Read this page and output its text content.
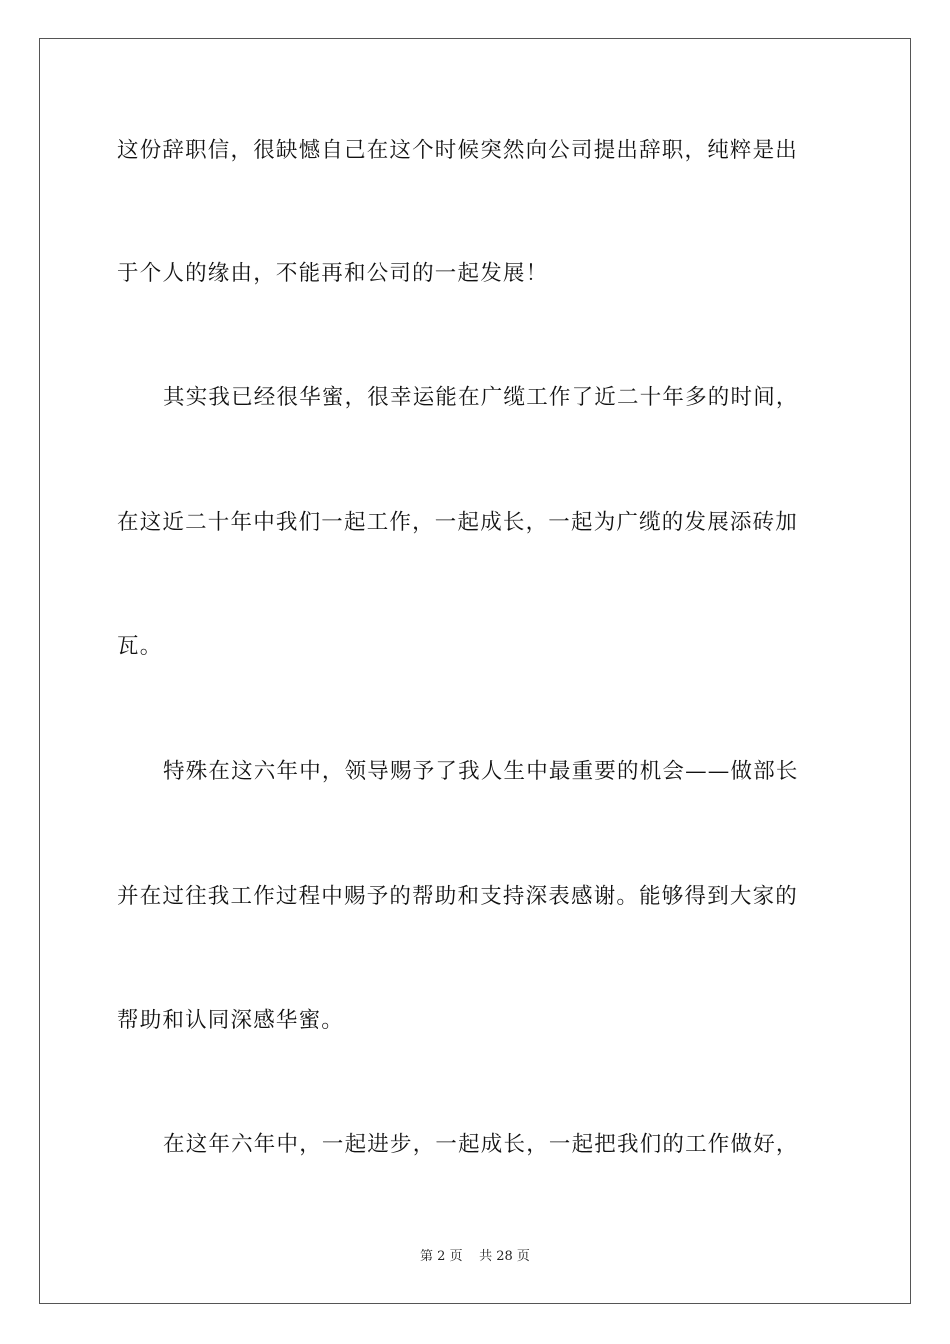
这份辞职信，很缺憾自己在这个时候突然向公司提出辞职，纯粹是出
于个人的缘由，不能再和公司的一起发展！
其实我已经很华蜜，很幸运能在广缆工作了近二十年多的时间，
在这近二十年中我们一起工作，一起成长，一起为广缆的发展添砖加
瓦。
特殊在这六年中，领导赐予了我人生中最重要的机会——做部长
并在过往我工作过程中赐予的帮助和支持深表感谢。能够得到大家的
帮助和认同深感华蜜。
在这年六年中，一起进步，一起成长，一起把我们的工作做好，
第 2 页 共 28 页
